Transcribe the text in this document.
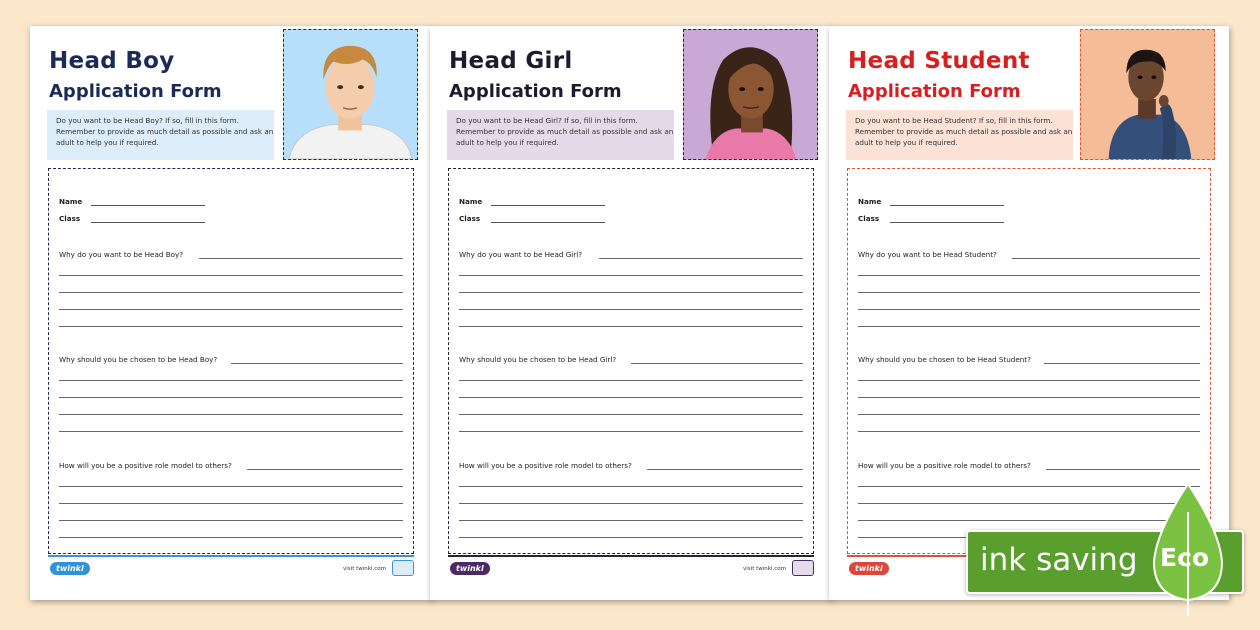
Head Boy
Application Form
Do you want to be Head Boy? If so, fill in this form. Remember to provide as much detail as possible and ask an adult to help you if required.
Name
Class
Why do you want to be Head Boy?
Why should you be chosen to be Head Boy?
How will you be a positive role model to others?
twinkl	visit twinkl.com
Head Girl
Application Form
Do you want to be Head Girl? If so, fill in this form. Remember to provide as much detail as possible and ask an adult to help you if required.
Name
Class
Why do you want to be Head Girl?
Why should you be chosen to be Head Girl?
How will you be a positive role model to others?
twinkl	visit twinkl.com
Head Student
Application Form
Do you want to be Head Student? If so, fill in this form. Remember to provide as much detail as possible and ask an adult to help you if required.
Name
Class
Why do you want to be Head Student?
Why should you be chosen to be Head Student?
How will you be a positive role model to others?
twinkl	ink saving Eco
